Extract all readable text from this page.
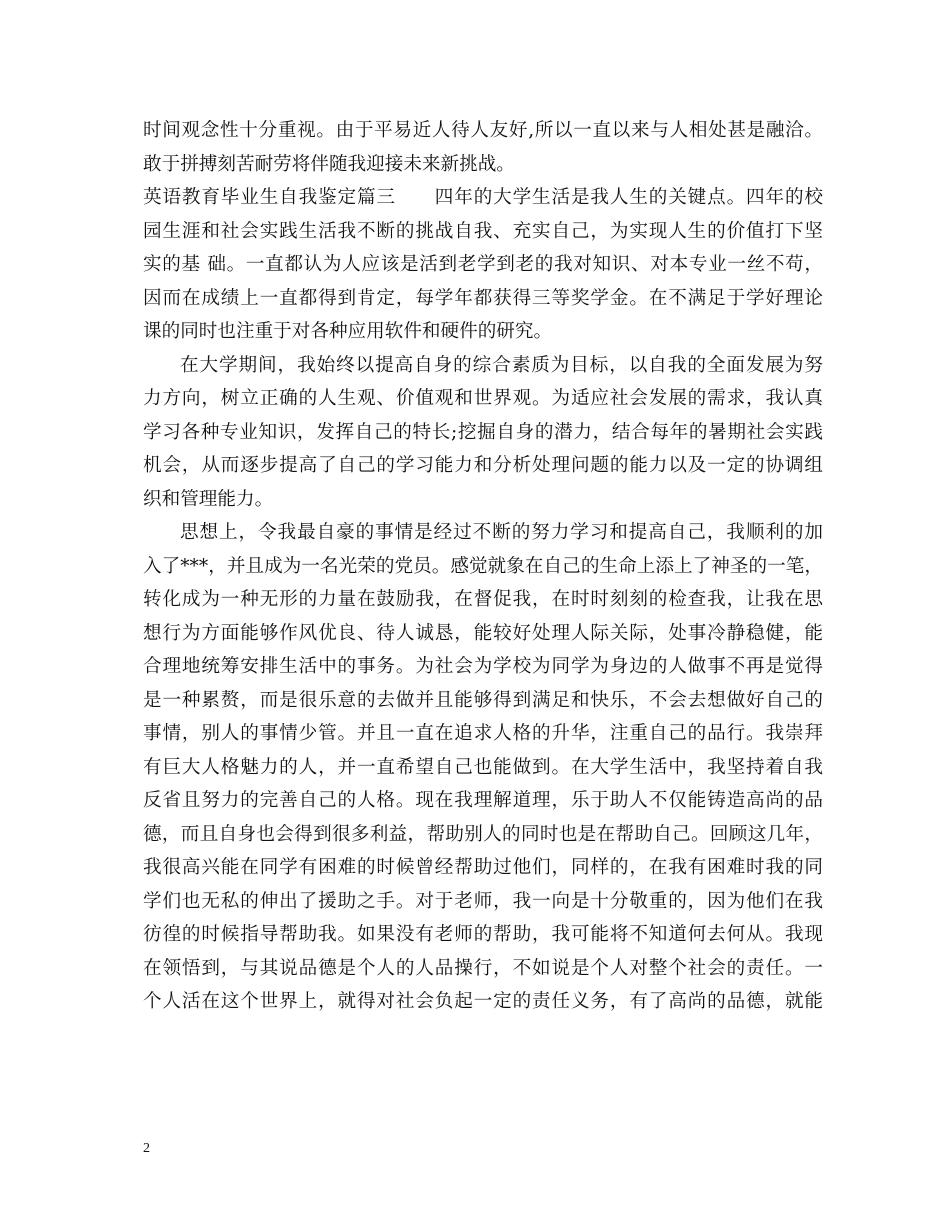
时间观念性十分重视。由于平易近人待人友好,所以一直以来与人相处甚是融洽。
敢于拼搏刻苦耐劳将伴随我迎接未来新挑战。
英语教育毕业生自我鉴定篇三　　四年的大学生活是我人生的关键点。四年的校
园生涯和社会实践生活我不断的挑战自我、充实自己，为实现人生的价值打下坚
实的基 础。一直都认为人应该是活到老学到老的我对知识、对本专业一丝不苟，
因而在成绩上一直都得到肯定，每学年都获得三等奖学金。在不满足于学好理论
课的同时也注重于对各种应用软件和硬件的研究。
在大学期间，我始终以提高自身的综合素质为目标，以自我的全面发展为努
力方向，树立正确的人生观、价值观和世界观。为适应社会发展的需求，我认真
学习各种专业知识，发挥自己的特长;挖掘自身的潜力，结合每年的暑期社会实践
机会，从而逐步提高了自己的学习能力和分析处理问题的能力以及一定的协调组
织和管理能力。
思想上，令我最自豪的事情是经过不断的努力学习和提高自己，我顺利的加
入了***，并且成为一名光荣的党员。感觉就象在自己的生命上添上了神圣的一笔，
转化成为一种无形的力量在鼓励我，在督促我，在时时刻刻的检查我，让我在思
想行为方面能够作风优良、待人诚恳，能较好处理人际关际，处事冷静稳健，能
合理地统筹安排生活中的事务。为社会为学校为同学为身边的人做事不再是觉得
是一种累赘，而是很乐意的去做并且能够得到满足和快乐，不会去想做好自己的
事情，别人的事情少管。并且一直在追求人格的升华，注重自己的品行。我崇拜
有巨大人格魅力的人，并一直希望自己也能做到。在大学生活中，我坚持着自我
反省且努力的完善自己的人格。现在我理解道理，乐于助人不仅能铸造高尚的品
德，而且自身也会得到很多利益，帮助别人的同时也是在帮助自己。回顾这几年，
我很高兴能在同学有困难的时候曾经帮助过他们，同样的，在我有困难时我的同
学们也无私的伸出了援助之手。对于老师，我一向是十分敬重的，因为他们在我
彷徨的时候指导帮助我。如果没有老师的帮助，我可能将不知道何去何从。我现
在领悟到，与其说品德是个人的人品操行，不如说是个人对整个社会的责任。一
个人活在这个世界上，就得对社会负起一定的责任义务，有了高尚的品德，就能
2
